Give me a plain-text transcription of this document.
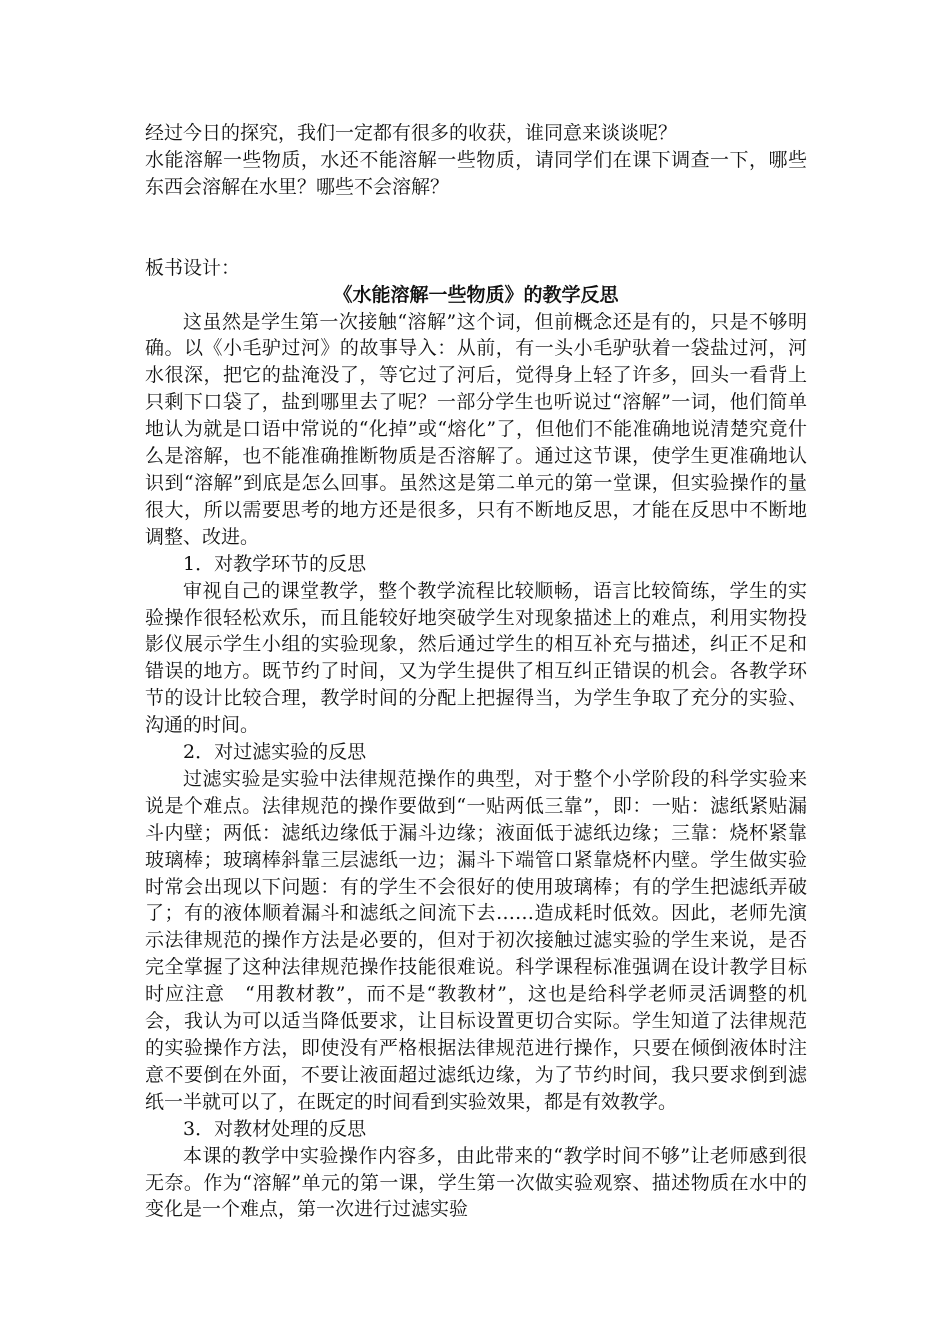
经过今日的探究，我们一定都有很多的收获，谁同意来谈谈呢？

水能溶解一些物质，水还不能溶解一些物质，请同学们在课下调查一下，哪些东西会溶解在水里？哪些不会溶解？

板书设计：

《水能溶解一些物质》的教学反思

这虽然是学生第一次接触“溶解”这个词，但前概念还是有的，只是不够明确。以《小毛驴过河》的故事导入：从前，有一头小毛驴驮着一袋盐过河，河水很深，把它的盐淹没了，等它过了河后，觉得身上轻了许多，回头一看背上只剩下口袋了，盐到哪里去了呢？一部分学生也听说过“溶解”一词，他们简单地认为就是口语中常说的“化掉”或“熔化”了，但他们不能准确地说清楚究竟什么是溶解，也不能准确推断物质是否溶解了。通过这节课，使学生更准确地认识到“溶解”到底是怎么回事。虽然这是第二单元的第一堂课，但实验操作的量很大，所以需要思考的地方还是很多，只有不断地反思，才能在反思中不断地调整、改进。

1．对教学环节的反思

审视自己的课堂教学，整个教学流程比较顺畅，语言比较简练，学生的实验操作很轻松欢乐，而且能较好地突破学生对现象描述上的难点，利用实物投影仪展示学生小组的实验现象，然后通过学生的相互补充与描述，纠正不足和错误的地方。既节约了时间，又为学生提供了相互纠正错误的机会。各教学环节的设计比较合理，教学时间的分配上把握得当，为学生争取了充分的实验、沟通的时间。

2．对过滤实验的反思

过滤实验是实验中法律规范操作的典型，对于整个小学阶段的科学实验来说是个难点。法律规范的操作要做到“一贴两低三靠”，即：一贴：滤纸紧贴漏斗内壁；两低：滤纸边缘低于漏斗边缘；液面低于滤纸边缘；三靠：烧杯紧靠玻璃棒；玻璃棒斜靠三层滤纸一边；漏斗下端管口紧靠烧杯内壁。学生做实验时常会出现以下问题：有的学生不会很好的使用玻璃棒；有的学生把滤纸弄破了；有的液体顺着漏斗和滤纸之间流下去……造成耗时低效。因此，老师先演示法律规范的操作方法是必要的，但对于初次接触过滤实验的学生来说，是否完全掌握了这种法律规范操作技能很难说。科学课程标准强调在设计教学目标时应注意　“用教材教”，而不是“教教材”，这也是给科学老师灵活调整的机会，我认为可以适当降低要求，让目标设置更切合实际。学生知道了法律规范的实验操作方法，即使没有严格根据法律规范进行操作，只要在倾倒液体时注意不要倒在外面，不要让液面超过滤纸边缘，为了节约时间，我只要求倒到滤纸一半就可以了，在既定的时间看到实验效果，都是有效教学。

3．对教材处理的反思

本课的教学中实验操作内容多，由此带来的“教学时间不够”让老师感到很无奈。作为“溶解”单元的第一课，学生第一次做实验观察、描述物质在水中的变化是一个难点，第一次进行过滤实验
